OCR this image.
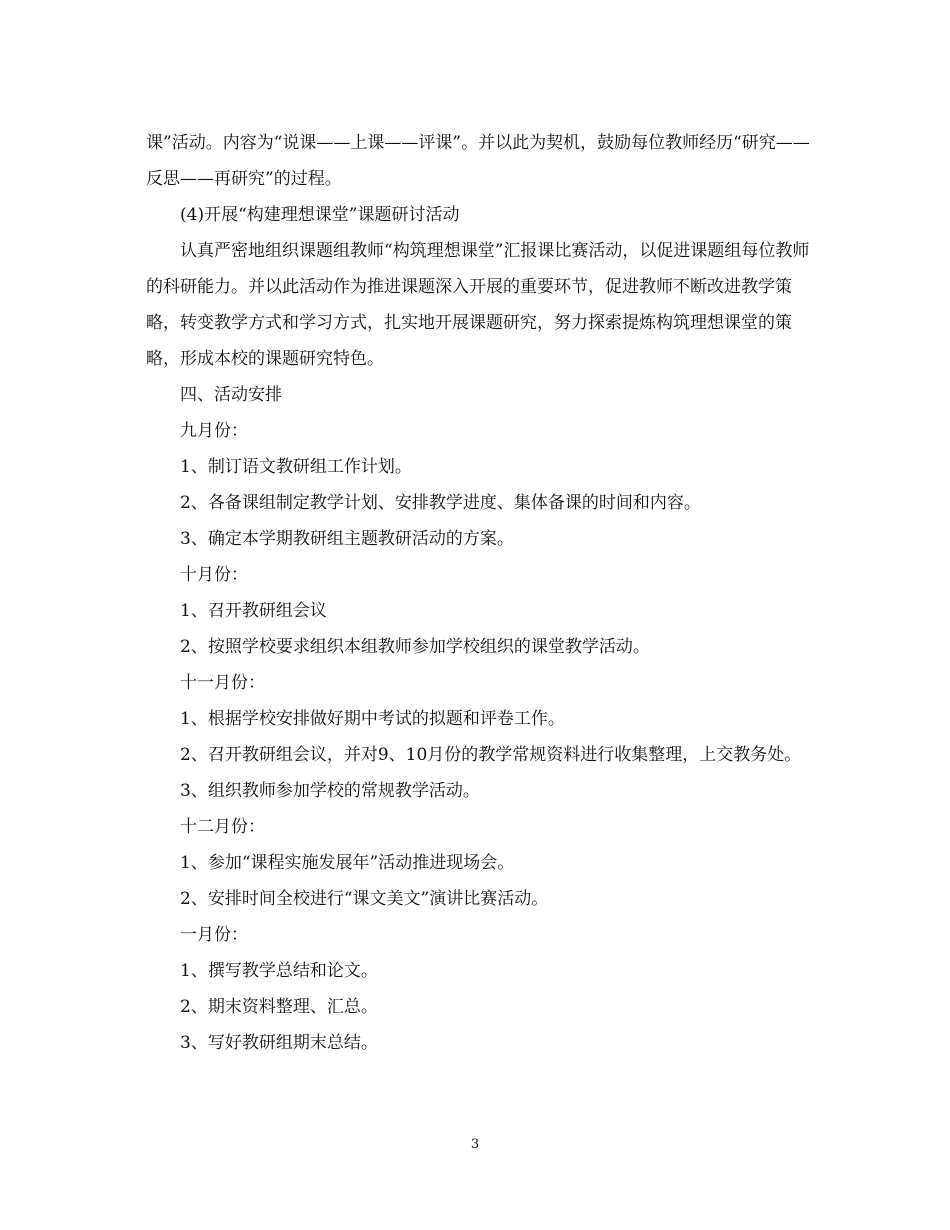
课”活动。内容为“说课——上课——评课”。并以此为契机，鼓励每位教师经历“研究——反思——再研究”的过程。

(4)开展“构建理想课堂”课题研讨活动

认真严密地组织课题组教师“构筑理想课堂”汇报课比赛活动，以促进课题组每位教师的科研能力。并以此活动作为推进课题深入开展的重要环节，促进教师不断改进教学策略，转变教学方式和学习方式，扎实地开展课题研究，努力探索提炼构筑理想课堂的策略，形成本校的课题研究特色。

四、活动安排

九月份：

1、制订语文教研组工作计划。

2、各备课组制定教学计划、安排教学进度、集体备课的时间和内容。

3、确定本学期教研组主题教研活动的方案。

十月份：

1、召开教研组会议

2、按照学校要求组织本组教师参加学校组织的课堂教学活动。

十一月份：

1、根据学校安排做好期中考试的拟题和评卷工作。

2、召开教研组会议，并对9、10月份的教学常规资料进行收集整理，上交教务处。

3、组织教师参加学校的常规教学活动。

十二月份：

1、参加“课程实施发展年”活动推进现场会。

2、安排时间全校进行“课文美文”演讲比赛活动。

一月份：

1、撰写教学总结和论文。

2、期末资料整理、汇总。

3、写好教研组期末总结。

3
